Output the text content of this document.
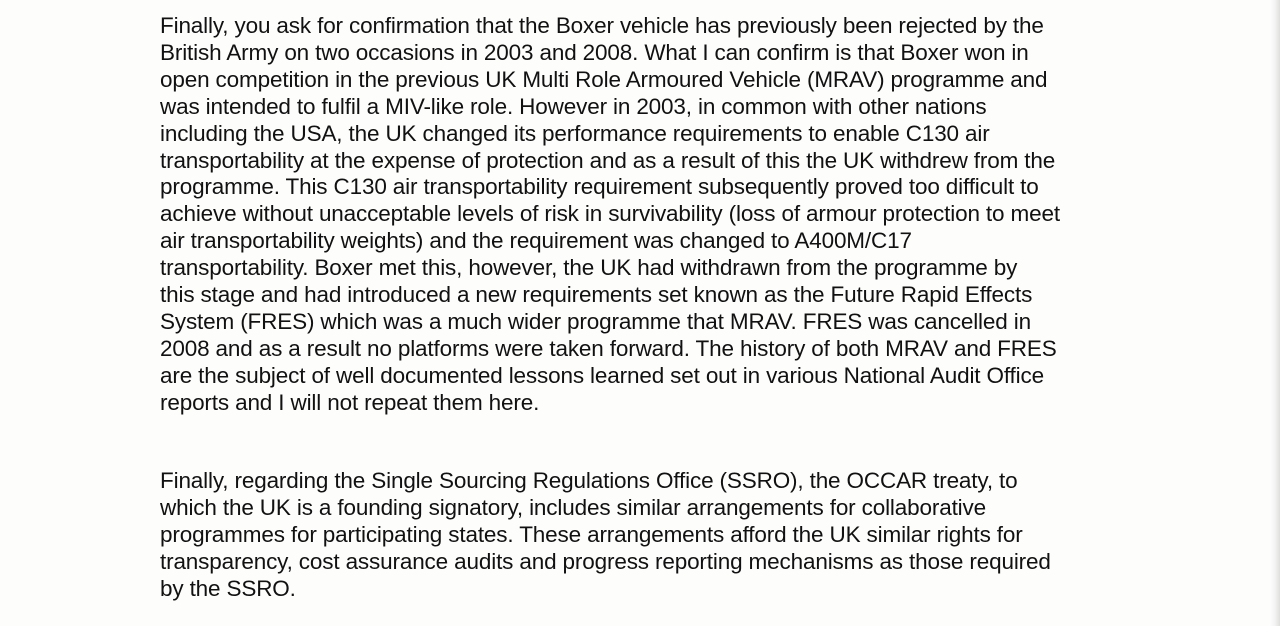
Finally, you ask for confirmation that the Boxer vehicle has previously been rejected by the
British Army on two occasions in 2003 and 2008. What I can confirm is that Boxer won in
open competition in the previous UK Multi Role Armoured Vehicle (MRAV) programme and
was intended to fulfil a MIV-like role. However in 2003, in common with other nations
including the USA, the UK changed its performance requirements to enable C130 air
transportability at the expense of protection and as a result of this the UK withdrew from the
programme. This C130 air transportability requirement subsequently proved too difficult to
achieve without unacceptable levels of risk in survivability (loss of armour protection to meet
air transportability weights) and the requirement was changed to A400M/C17
transportability. Boxer met this, however, the UK had withdrawn from the programme by
this stage and had introduced a new requirements set known as the Future Rapid Effects
System (FRES) which was a much wider programme that MRAV. FRES was cancelled in
2008 and as a result no platforms were taken forward. The history of both MRAV and FRES
are the subject of well documented lessons learned set out in various National Audit Office
reports and I will not repeat them here.

Finally, regarding the Single Sourcing Regulations Office (SSRO), the OCCAR treaty, to
which the UK is a founding signatory, includes similar arrangements for collaborative
programmes for participating states. These arrangements afford the UK similar rights for
transparency, cost assurance audits and progress reporting mechanisms as those required
by the SSRO.
